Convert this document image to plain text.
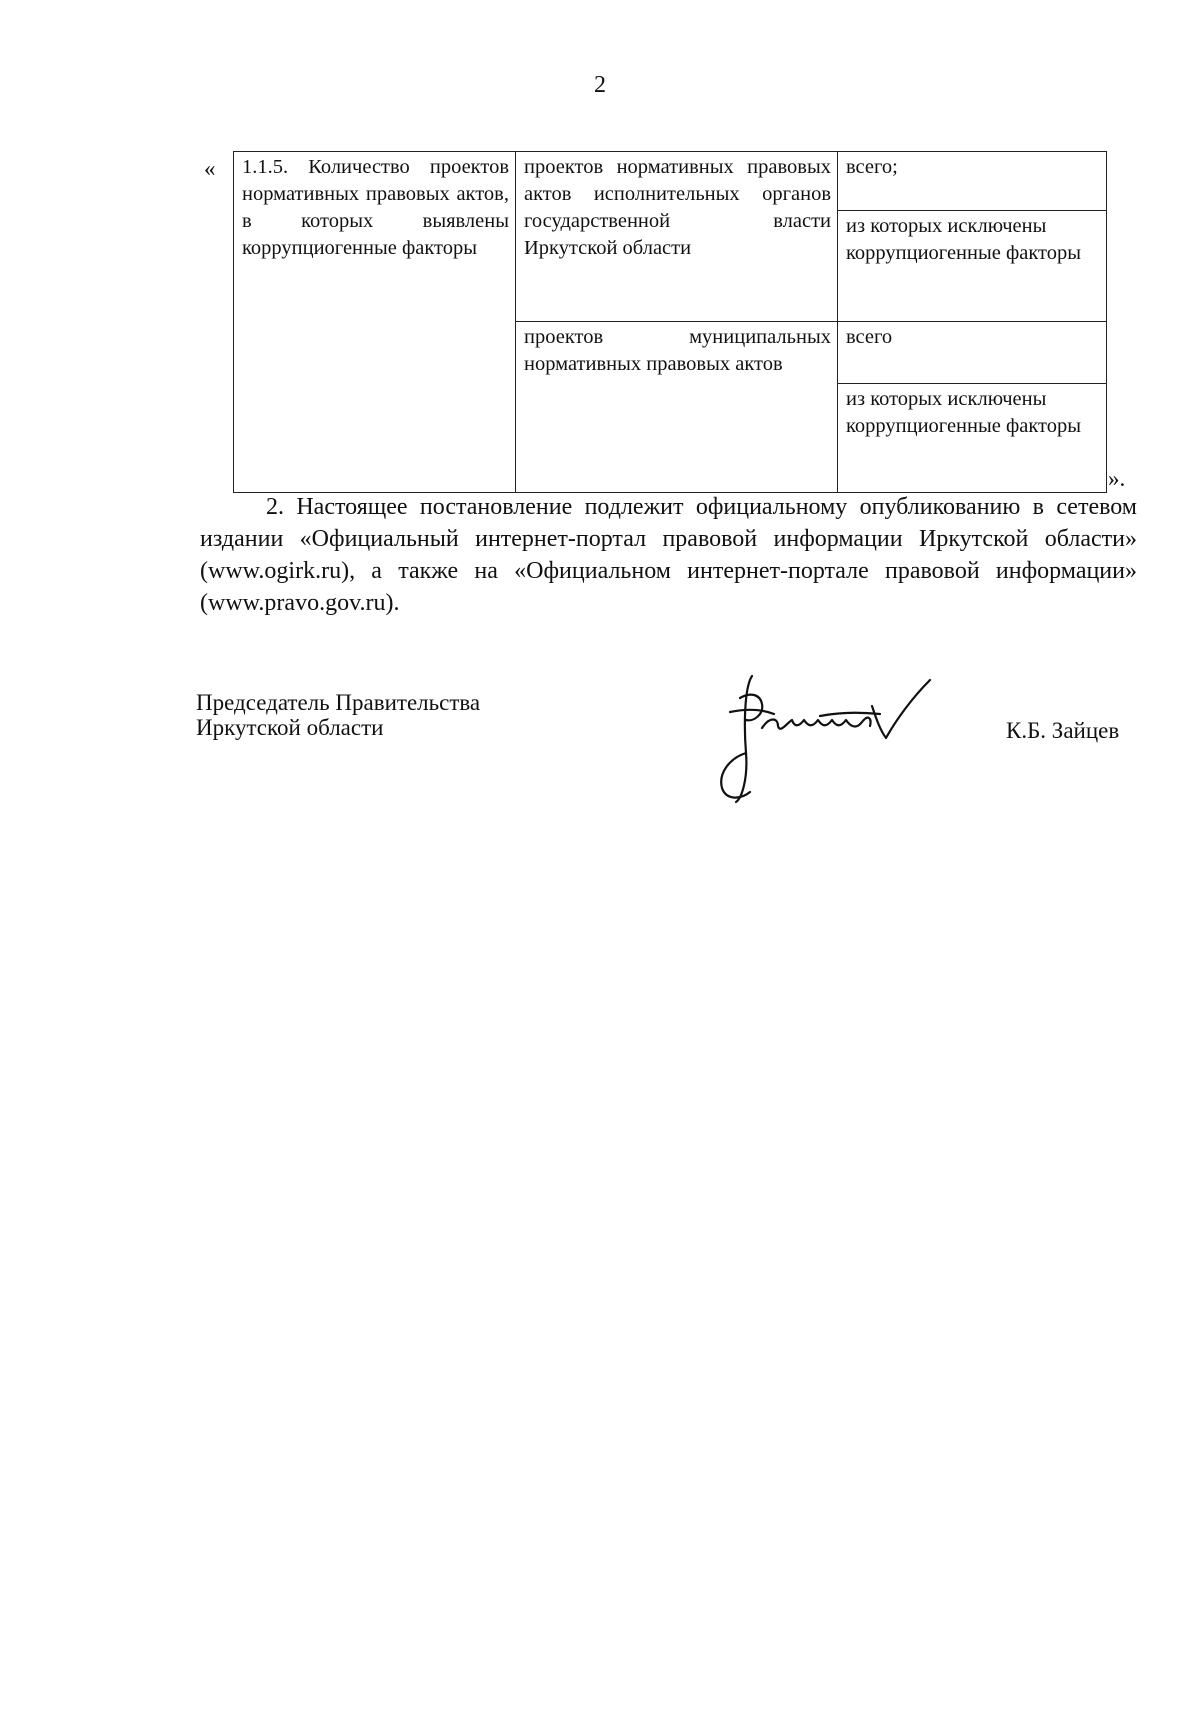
2
« 1.1.5. Количество проектов нормативных правовых актов, в которых выявлены коррупциогенные факторы	проектов нормативных правовых актов исполнительных органов государственной власти Иркутской области	всего;
		из которых исключены коррупциогенные факторы
	проектов муниципальных нормативных правовых актов	всего
		из которых исключены коррупциогенные факторы
».

2. Настоящее постановление подлежит официальному опубликованию в сетевом издании «Официальный интернет-портал правовой информации Иркутской области» (www.ogirk.ru), а также на «Официальном интернет-портале правовой информации» (www.pravo.gov.ru).

Председатель Правительства
Иркутской области	К.Б. Зайцев
